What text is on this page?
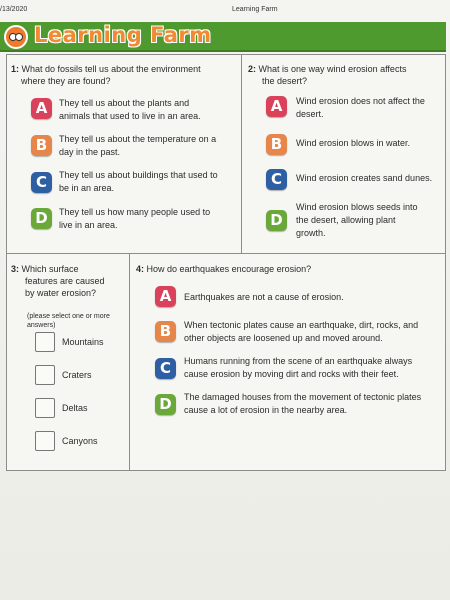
/13/2020	Learning Farm
Learning Farm
1: What do fossils tell us about the environment
where they are found?
A	They tell us about the plants and
animals that used to live in an area.
B	They tell us about the temperature on a
day in the past.
C	They tell us about buildings that used to
be in an area.
D	They tell us how many people used to
live in an area.
2: What is one way wind erosion affects
the desert?
A	Wind erosion does not affect the
desert.
B	Wind erosion blows in water.
C	Wind erosion creates sand dunes.
D
Wind erosion blows seeds into
the desert, allowing plant
growth.
3: Which surface
features are caused
by water erosion?
(please select one or more
answers)
Mountains
Craters
Deltas
Canyons
4: How do earthquakes encourage erosion?
A	Earthquakes are not a cause of erosion.
B	When tectonic plates cause an earthquake, dirt, rocks, and
other objects are loosened up and moved around.
C	Humans running from the scene of an earthquake always
cause erosion by moving dirt and rocks with their feet.
D	The damaged houses from the movement of tectonic plates
cause a lot of erosion in the nearby area.
